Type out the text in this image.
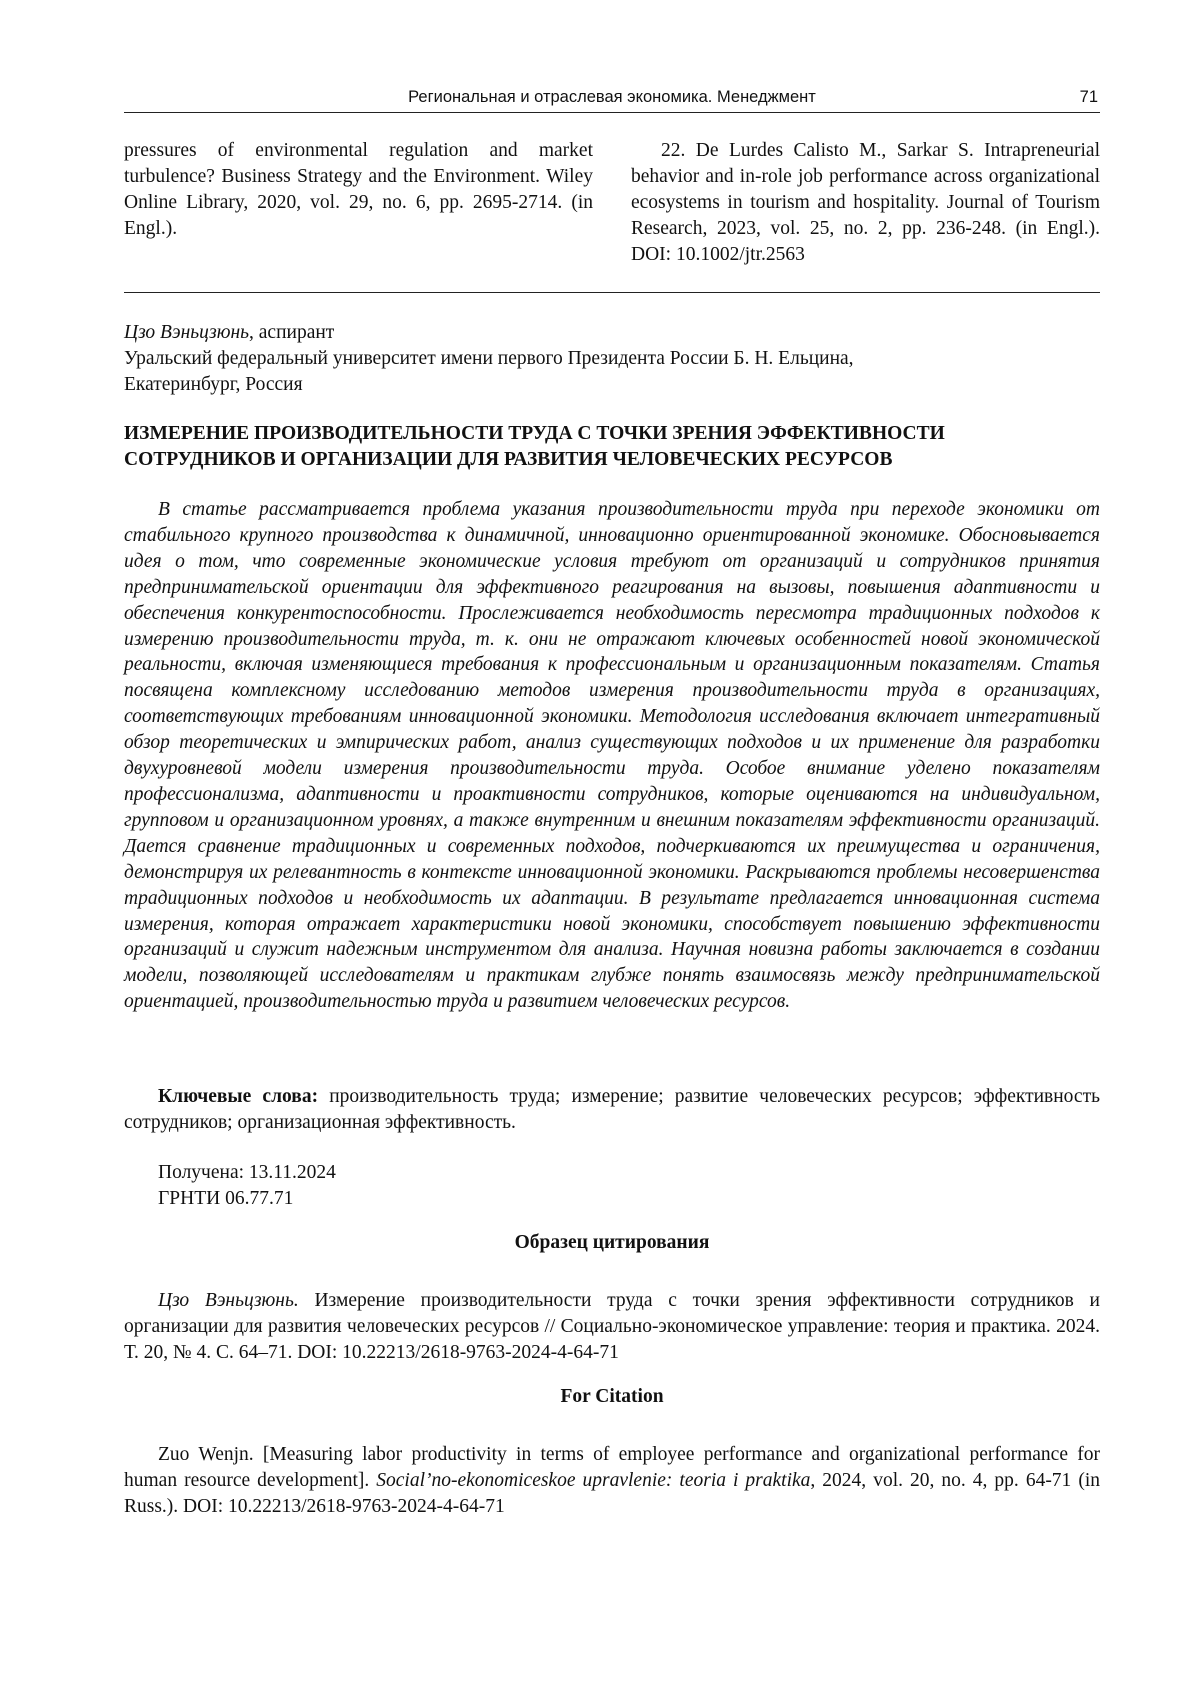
Региональная и отраслевая экономика. Менеджмент	71
pressures of environmental regulation and market turbulence? Business Strategy and the Environment. Wiley Online Library, 2020, vol. 29, no. 6, pp. 2695-2714. (in Engl.).
22. De Lurdes Calisto M., Sarkar S. Intrapreneurial behavior and in-role job performance across organizational ecosystems in tourism and hospitality. Journal of Tourism Research, 2023, vol. 25, no. 2, pp. 236-248. (in Engl.). DOI: 10.1002/jtr.2563
Цзо Вэньцзюнь, аспирант
Уральский федеральный университет имени первого Президента России Б. Н. Ельцина,
Екатеринбург, Россия
ИЗМЕРЕНИЕ ПРОИЗВОДИТЕЛЬНОСТИ ТРУДА С ТОЧКИ ЗРЕНИЯ ЭФФЕКТИВНОСТИ СОТРУДНИКОВ И ОРГАНИЗАЦИИ ДЛЯ РАЗВИТИЯ ЧЕЛОВЕЧЕСКИХ РЕСУРСОВ

В статье рассматривается проблема указания производительности труда при переходе экономики от стабильного крупного производства к динамичной, инновационно ориентированной экономике. Обосновывается идея о том, что современные экономические условия требуют от организаций и сотрудников принятия предпринимательской ориентации для эффективного реагирования на вызовы, повышения адаптивности и обеспечения конкурентоспособности. Прослеживается необходимость пересмотра традиционных подходов к измерению производительности труда, т. к. они не отражают ключевых особенностей новой экономической реальности, включая изменяющиеся требования к профессиональным и организационным показателям. Статья посвящена комплексному исследованию методов измерения производительности труда в организациях, соответствующих требованиям инновационной экономики. Методология исследования включает интегративный обзор теоретических и эмпирических работ, анализ существующих подходов и их применение для разработки двухуровневой модели измерения производительности труда. Особое внимание уделено показателям профессионализма, адаптивности и проактивности сотрудников, которые оцениваются на индивидуальном, групповом и организационном уровнях, а также внутренним и внешним показателям эффективности организаций. Дается сравнение традиционных и современных подходов, подчеркиваются их преимущества и ограничения, демонстрируя их релевантность в контексте инновационной экономики. Раскрываются проблемы несовершенства традиционных подходов и необходимость их адаптации. В результате предлагается инновационная система измерения, которая отражает характеристики новой экономики, способствует повышению эффективности организаций и служит надежным инструментом для анализа. Научная новизна работы заключается в создании модели, позволяющей исследователям и практикам глубже понять взаимосвязь между предпринимательской ориентацией, производительностью труда и развитием человеческих ресурсов.

Ключевые слова: производительность труда; измерение; развитие человеческих ресурсов; эффективность сотрудников; организационная эффективность.

Получена: 13.11.2024
ГРНТИ 06.77.71
Образец цитирования

Цзо Вэньцзюнь. Измерение производительности труда с точки зрения эффективности сотрудников и организации для развития человеческих ресурсов // Социально-экономическое управление: теория и практика. 2024. Т. 20, № 4. С. 64–71. DOI: 10.22213/2618-9763-2024-4-64-71

For Citation

Zuo Wenjn. [Measuring labor productivity in terms of employee performance and organizational performance for human resource development]. Social’no-ekonomiceskoe upravlenie: teoria i praktika, 2024, vol. 20, no. 4, pp. 64-71 (in Russ.). DOI: 10.22213/2618-9763-2024-4-64-71
